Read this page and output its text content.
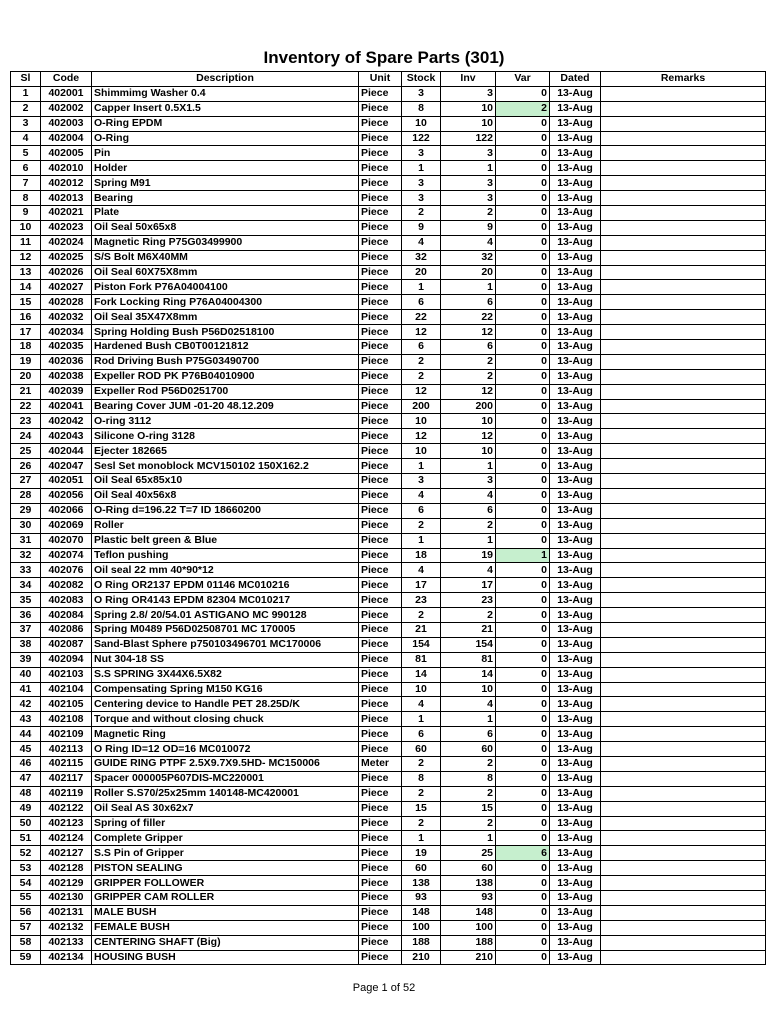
Inventory of Spare Parts (301)
Sl	Code	Description	Unit	Stock	Inv	Var	Dated	Remarks
1	402001	Shimmimg Washer 0.4	Piece	3	3	0	13-Aug	
2	402002	Capper Insert 0.5X1.5	Piece	8	10	2	13-Aug	
3	402003	O-Ring EPDM	Piece	10	10	0	13-Aug	
4	402004	O-Ring	Piece	122	122	0	13-Aug	
5	402005	Pin	Piece	3	3	0	13-Aug	
6	402010	Holder	Piece	1	1	0	13-Aug	
7	402012	Spring M91	Piece	3	3	0	13-Aug	
8	402013	Bearing	Piece	3	3	0	13-Aug	
9	402021	Plate	Piece	2	2	0	13-Aug	
10	402023	Oil Seal 50x65x8	Piece	9	9	0	13-Aug	
11	402024	Magnetic Ring P75G03499900	Piece	4	4	0	13-Aug	
12	402025	S/S Bolt M6X40MM	Piece	32	32	0	13-Aug	
13	402026	Oil Seal 60X75X8mm	Piece	20	20	0	13-Aug	
14	402027	Piston Fork P76A04004100	Piece	1	1	0	13-Aug	
15	402028	Fork Locking Ring P76A04004300	Piece	6	6	0	13-Aug	
16	402032	Oil Seal 35X47X8mm	Piece	22	22	0	13-Aug	
17	402034	Spring Holding Bush P56D02518100	Piece	12	12	0	13-Aug	
18	402035	Hardened Bush CB0T00121812	Piece	6	6	0	13-Aug	
19	402036	Rod Driving Bush P75G03490700	Piece	2	2	0	13-Aug	
20	402038	Expeller ROD PK P76B04010900	Piece	2	2	0	13-Aug	
21	402039	Expeller Rod P56D0251700	Piece	12	12	0	13-Aug	
22	402041	Bearing Cover JUM -01-20 48.12.209	Piece	200	200	0	13-Aug	
23	402042	O-ring 3112	Piece	10	10	0	13-Aug	
24	402043	Silicone O-ring 3128	Piece	12	12	0	13-Aug	
25	402044	Ejecter 182665	Piece	10	10	0	13-Aug	
26	402047	Sesl Set monoblock MCV150102 150X162.2	Piece	1	1	0	13-Aug	
27	402051	Oil Seal 65x85x10	Piece	3	3	0	13-Aug	
28	402056	Oil Seal 40x56x8	Piece	4	4	0	13-Aug	
29	402066	O-Ring d=196.22 T=7 ID 18660200	Piece	6	6	0	13-Aug	
30	402069	Roller	Piece	2	2	0	13-Aug	
31	402070	Plastic belt green & Blue	Piece	1	1	0	13-Aug	
32	402074	Teflon pushing	Piece	18	19	1	13-Aug	
33	402076	Oil seal 22 mm 40*90*12	Piece	4	4	0	13-Aug	
34	402082	O Ring OR2137 EPDM 01146 MC010216	Piece	17	17	0	13-Aug	
35	402083	O Ring OR4143 EPDM 82304 MC010217	Piece	23	23	0	13-Aug	
36	402084	Spring 2.8/ 20/54.01 ASTIGANO MC 990128	Piece	2	2	0	13-Aug	
37	402086	Spring M0489 P56D02508701 MC 170005	Piece	21	21	0	13-Aug	
38	402087	Sand-Blast Sphere p750103496701 MC170006	Piece	154	154	0	13-Aug	
39	402094	Nut 304-18 SS	Piece	81	81	0	13-Aug	
40	402103	S.S SPRING 3X44X6.5X82	Piece	14	14	0	13-Aug	
41	402104	Compensating Spring M150 KG16	Piece	10	10	0	13-Aug	
42	402105	Centering device to Handle PET 28.25D/K	Piece	4	4	0	13-Aug	
43	402108	Torque and without closing chuck	Piece	1	1	0	13-Aug	
44	402109	Magnetic Ring	Piece	6	6	0	13-Aug	
45	402113	O Ring ID=12 OD=16 MC010072	Piece	60	60	0	13-Aug	
46	402115	GUIDE RING PTPF 2.5X9.7X9.5HD- MC150006	Meter	2	2	0	13-Aug	
47	402117	Spacer 000005P607DIS-MC220001	Piece	8	8	0	13-Aug	
48	402119	Roller S.S70/25x25mm 140148-MC420001	Piece	2	2	0	13-Aug	
49	402122	Oil Seal AS 30x62x7	Piece	15	15	0	13-Aug	
50	402123	Spring of filler	Piece	2	2	0	13-Aug	
51	402124	Complete Gripper	Piece	1	1	0	13-Aug	
52	402127	S.S Pin of Gripper	Piece	19	25	6	13-Aug	
53	402128	PISTON SEALING	Piece	60	60	0	13-Aug	
54	402129	GRIPPER FOLLOWER	Piece	138	138	0	13-Aug	
55	402130	GRIPPER CAM ROLLER	Piece	93	93	0	13-Aug	
56	402131	MALE BUSH	Piece	148	148	0	13-Aug	
57	402132	FEMALE BUSH	Piece	100	100	0	13-Aug	
58	402133	CENTERING SHAFT (Big)	Piece	188	188	0	13-Aug	
59	402134	HOUSING BUSH	Piece	210	210	0	13-Aug	
Page 1 of 52
